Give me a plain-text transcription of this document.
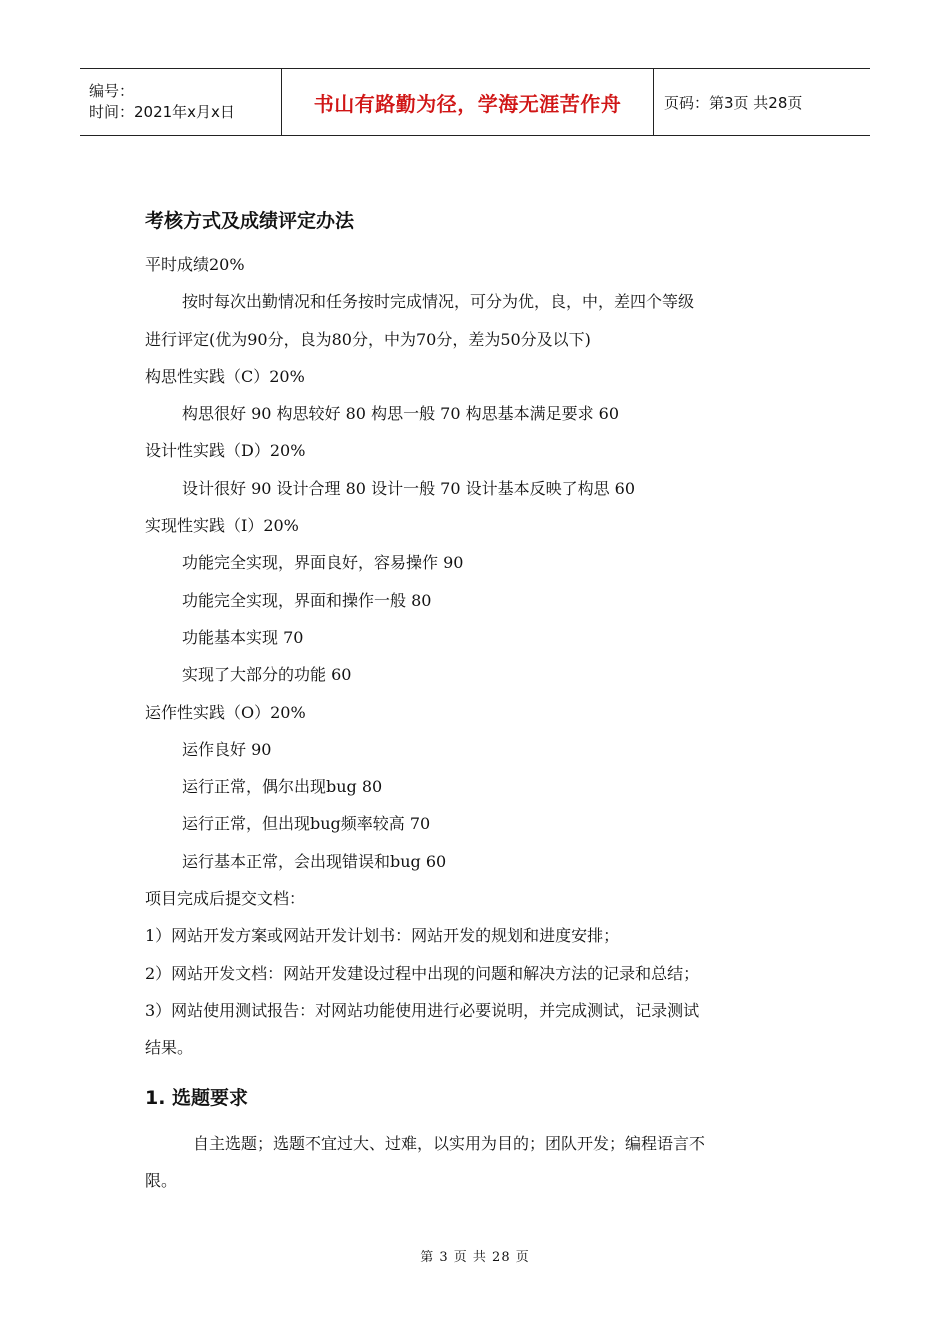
编号：
时间：2021年x月x日	书山有路勤为径，学海无涯苦作舟	页码：第3页 共28页
考核方式及成绩评定办法

平时成绩20%

按时每次出勤情况和任务按时完成情况，可分为优，良，中，差四个等级

进行评定(优为90分，良为80分，中为70分，差为50分及以下)

构思性实践（C）20%

构思很好 90 构思较好 80 构思一般 70 构思基本满足要求 60

设计性实践（D）20%

设计很好 90 设计合理 80 设计一般 70 设计基本反映了构思 60

实现性实践（I）20%

功能完全实现，界面良好，容易操作 90

功能完全实现，界面和操作一般 80

功能基本实现 70

实现了大部分的功能 60

运作性实践（O）20%

运作良好 90

运行正常，偶尔出现bug 80

运行正常，但出现bug频率较高 70

运行基本正常，会出现错误和bug 60

项目完成后提交文档：

1）网站开发方案或网站开发计划书：网站开发的规划和进度安排；

2）网站开发文档：网站开发建设过程中出现的问题和解决方法的记录和总结；

3）网站使用测试报告：对网站功能使用进行必要说明，并完成测试，记录测试

结果。

1. 选题要求

自主选题；选题不宜过大、过难，以实用为目的；团队开发；编程语言不

限。

第 3 页 共 28 页
